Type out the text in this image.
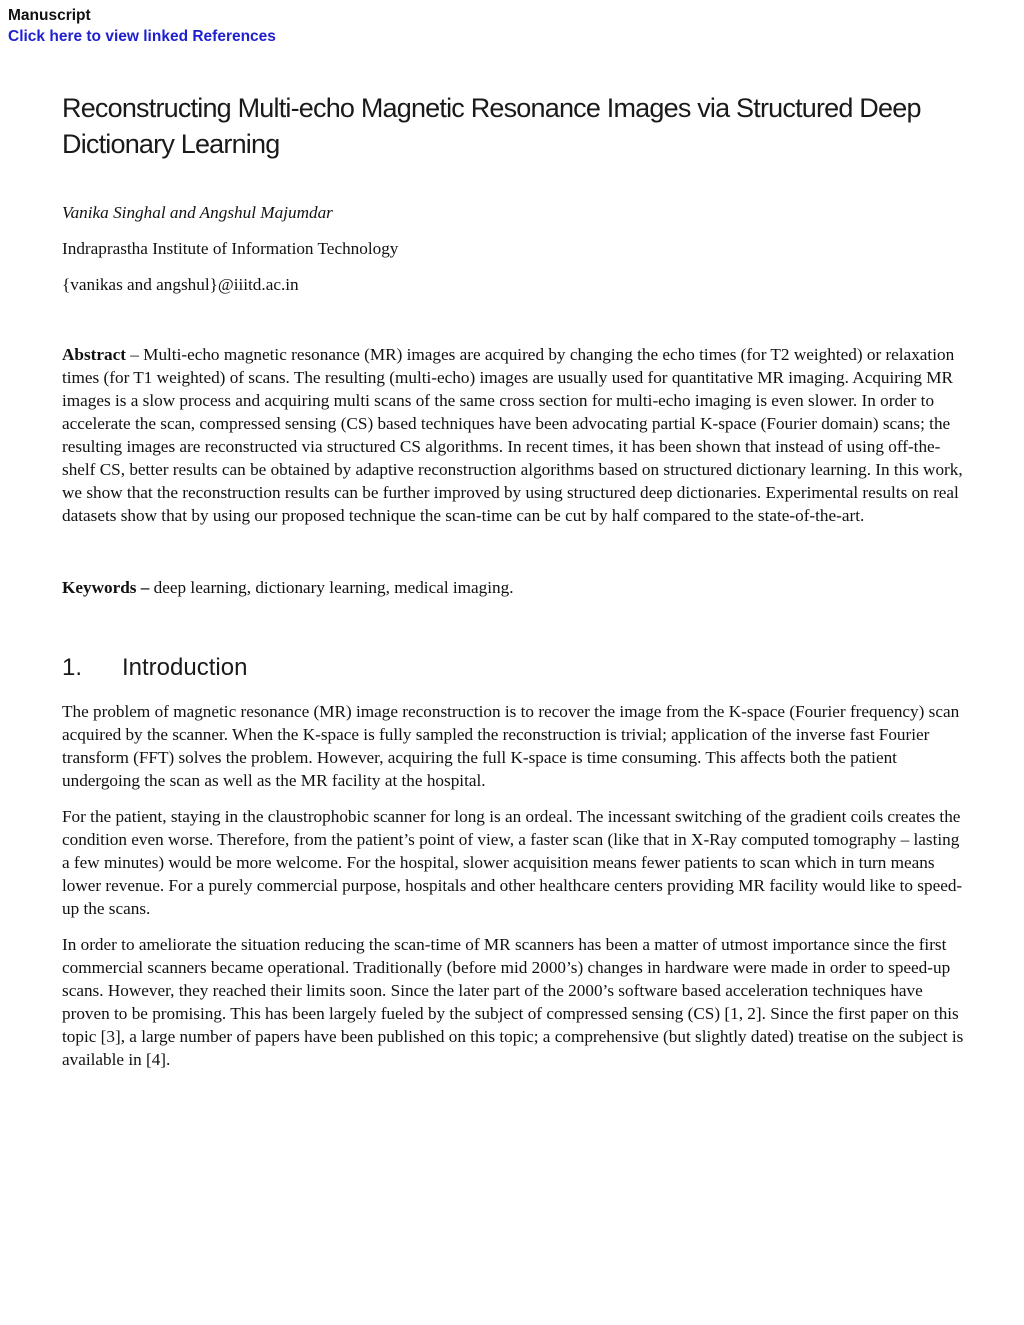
Manuscript
Click here to view linked References
Reconstructing Multi-echo Magnetic Resonance Images via Structured Deep
Dictionary Learning
Vanika Singhal and Angshul Majumdar
Indraprastha Institute of Information Technology
{vanikas and angshul}@iiitd.ac.in
Abstract – Multi-echo magnetic resonance (MR) images are acquired by changing the echo times (for T2 weighted) or relaxation times (for T1 weighted) of scans. The resulting (multi-echo) images are usually used for quantitative MR imaging. Acquiring MR images is a slow process and acquiring multi scans of the same cross section for multi-echo imaging is even slower. In order to accelerate the scan, compressed sensing (CS) based techniques have been advocating partial K-space (Fourier domain) scans; the resulting images are reconstructed via structured CS algorithms. In recent times, it has been shown that instead of using off-the-shelf CS, better results can be obtained by adaptive reconstruction algorithms based on structured dictionary learning. In this work, we show that the reconstruction results can be further improved by using structured deep dictionaries. Experimental results on real datasets show that by using our proposed technique the scan-time can be cut by half compared to the state-of-the-art.
Keywords – deep learning, dictionary learning, medical imaging.
1.	Introduction
The problem of magnetic resonance (MR) image reconstruction is to recover the image from the K-space (Fourier frequency) scan acquired by the scanner. When the K-space is fully sampled the reconstruction is trivial; application of the inverse fast Fourier transform (FFT) solves the problem. However, acquiring the full K-space is time consuming. This affects both the patient undergoing the scan as well as the MR facility at the hospital.
For the patient, staying in the claustrophobic scanner for long is an ordeal. The incessant switching of the gradient coils creates the condition even worse. Therefore, from the patient’s point of view, a faster scan (like that in X-Ray computed tomography – lasting a few minutes) would be more welcome. For the hospital, slower acquisition means fewer patients to scan which in turn means lower revenue. For a purely commercial purpose, hospitals and other healthcare centers providing MR facility would like to speed-up the scans.
In order to ameliorate the situation reducing the scan-time of MR scanners has been a matter of utmost importance since the first commercial scanners became operational. Traditionally (before mid 2000’s) changes in hardware were made in order to speed-up scans. However, they reached their limits soon. Since the later part of the 2000’s software based acceleration techniques have proven to be promising. This has been largely fueled by the subject of compressed sensing (CS) [1, 2]. Since the first paper on this topic [3], a large number of papers have been published on this topic; a comprehensive (but slightly dated) treatise on the subject is available in [4].
